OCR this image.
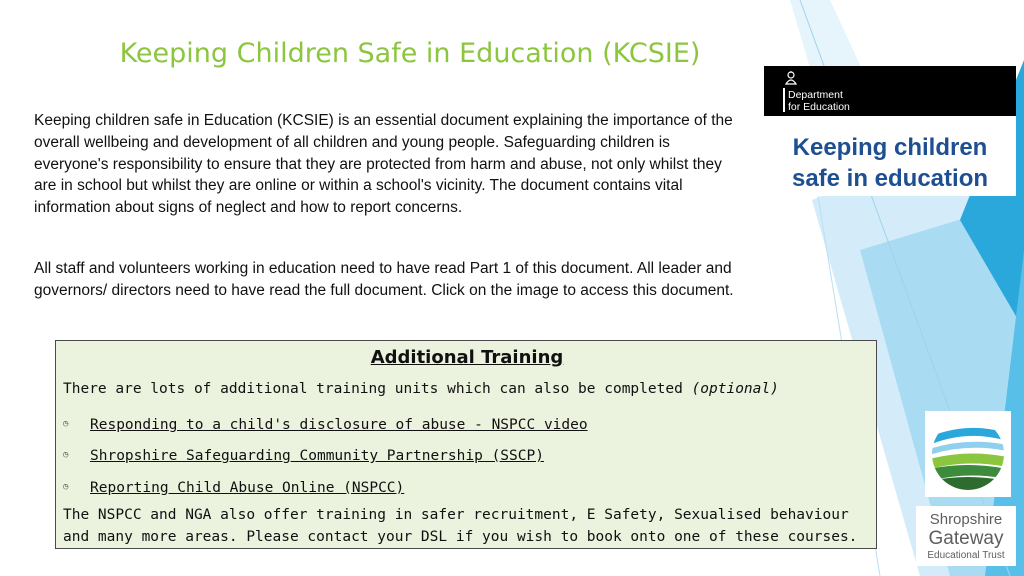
Keeping Children Safe in Education (KCSIE)

Keeping children safe in Education (KCSIE) is an essential document explaining the importance of the overall wellbeing and development of all children and young people. Safeguarding children is everyone's responsibility to ensure that they are protected from harm and abuse, not only whilst they are in school but whilst they are online or within a school's vicinity. The document contains vital information about signs of neglect and how to report concerns.

All staff and volunteers working in education need to have read Part 1 of this document. All leader and governors/ directors need to have read the full document. Click on the image to access this document.

Department
for Education
Keeping children
safe in education
Additional Training
There are lots of additional training units which can also be completed (optional)
◷ Responding to a child's disclosure of abuse - NSPCC video
◷ Shropshire Safeguarding Community Partnership (SSCP)
◷ Reporting Child Abuse Online (NSPCC)

The NSPCC and NGA also offer training in safer recruitment, E Safety, Sexualised behaviour and many more areas. Please contact your DSL if you wish to book onto one of these courses.

Shropshire
Gateway
Educational Trust
